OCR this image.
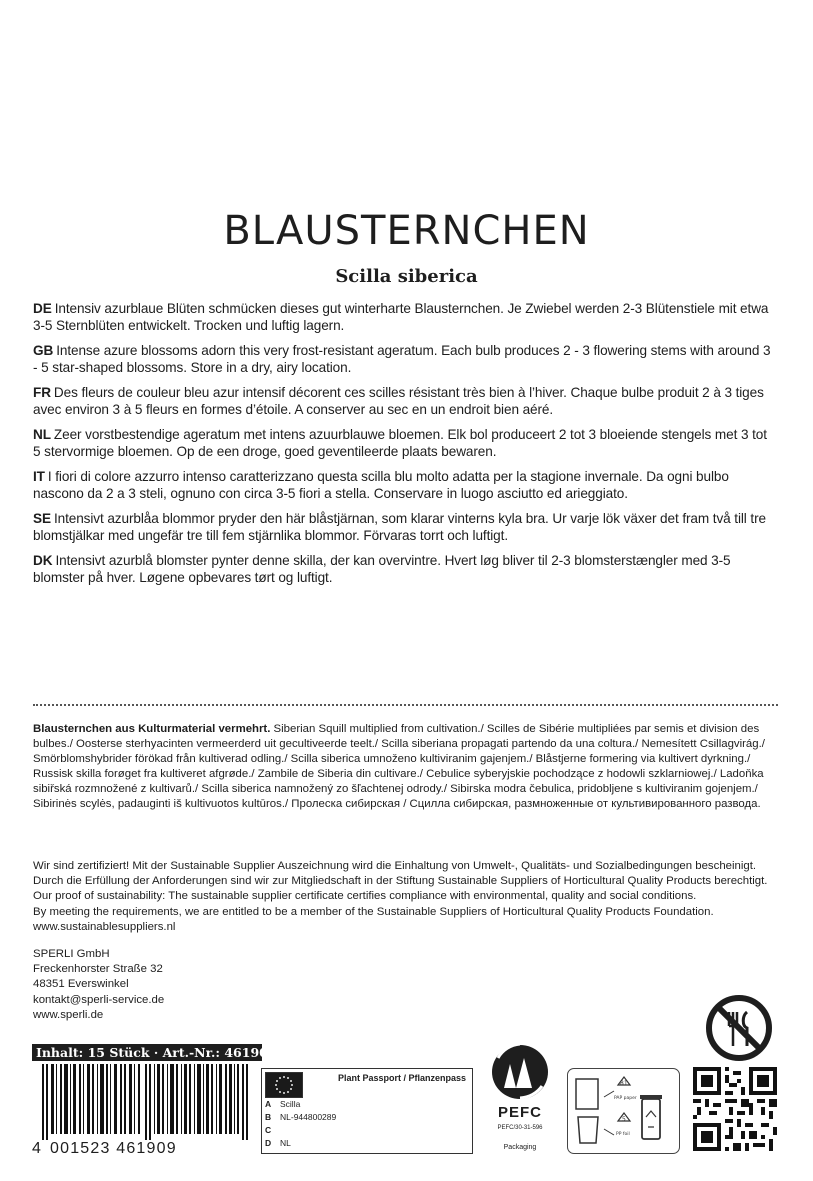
BLAUSTERNCHEN
Scilla siberica

DE Intensiv azurblaue Blüten schmücken dieses gut winterharte Blausternchen. Je Zwiebel werden 2-3 Blütenstiele mit etwa 3-5 Sternblüten entwickelt. Trocken und luftig lagern.

GB Intense azure blossoms adorn this very frost-resistant ageratum. Each bulb produces 2 - 3 flowering stems with around 3 - 5 star-shaped blossoms. Store in a dry, airy location.

FR Des fleurs de couleur bleu azur intensif décorent ces scilles résistant très bien à l’hiver. Chaque bulbe produit 2 à 3 tiges avec environ 3 à 5 fleurs en formes d’étoile. A conserver au sec en un endroit bien aéré.

NL Zeer vorstbestendige ageratum met intens azuurblauwe bloemen. Elk bol produceert 2 tot 3 bloeiende stengels met 3 tot 5 stervormige bloemen. Op de een droge, goed geventileerde plaats bewaren.

IT I fiori di colore azzurro intenso caratterizzano questa scilla blu molto adatta per la stagione invernale. Da ogni bulbo nascono da 2 a 3 steli, ognuno con circa 3-5 fiori a stella. Conservare in luogo asciutto ed arieggiato.

SE Intensivt azurblåa blommor pryder den här blåstjärnan, som klarar vinterns kyla bra. Ur varje lök växer det fram två till tre blomstjälkar med ungefär tre till fem stjärnlika blommor. Förvaras torrt och luftigt.

DK Intensivt azurblå blomster pynter denne skilla, der kan overvintre. Hvert løg bliver til 2-3 blomsterstængler med 3-5 blomster på hver. Løgene opbevares tørt og luftigt.

Blausternchen aus Kulturmaterial vermehrt. Siberian Squill multiplied from cultivation./ Scilles de Sibérie multipliées par semis et division des bulbes./ Oosterse sterhyacinten vermeerderd uit gecultiveerde teelt./ Scilla siberiana propagati partendo da una coltura./ Nemesített Csillagvirág./ Smörblomshybrider förökad från kultiverad odling./ Scilla siberica umnoženo kultiviranim gajenjem./ Blåstjerne formering via kultivert dyrkning./ Russisk skilla forøget fra kultiveret afgrøde./ Zambile de Siberia din cultivare./ Cebulice syberyjskie pochodzące z hodowli szklarniowej./ Ladoňka sibiřská rozmnožené z kultivarů./ Scilla siberica namnožený zo šľachtenej odrody./ Sibirska modra čebulica, pridobljene s kultiviranim gojenjem./ Sibirinės scylės, padauginti iš kultivuotos kultūros./ Пролеска сибирская / Сцилла сибирская, размноженные от культивированного развода.
Wir sind zertifiziert! Mit der Sustainable Supplier Auszeichnung wird die Einhaltung von Umwelt-, Qualitäts- und Sozialbedingungen bescheinigt.
Durch die Erfüllung der Anforderungen sind wir zur Mitgliedschaft in der Stiftung Sustainable Suppliers of Horticultural Quality Products berechtigt.
Our proof of sustainability: The sustainable supplier certificate certifies compliance with environmental, quality and social conditions.
By meeting the requirements, we are entitled to be a member of the Sustainable Suppliers of Horticultural Quality Products Foundation.
www.sustainablesuppliers.nl
SPERLI GmbH
Freckenhorster Straße 32
48351 Everswinkel
kontakt@sperli-service.de
www.sperli.de
Inhalt: 15 Stück · Art.-Nr.: 461909
4 001523 461909
Plant Passport / Pflanzenpass
A Scilla
B NL-944800289
C
D NL
PEFC
PEFC/30-31-596
Packaging
81
PAP paper
5
PP foil
